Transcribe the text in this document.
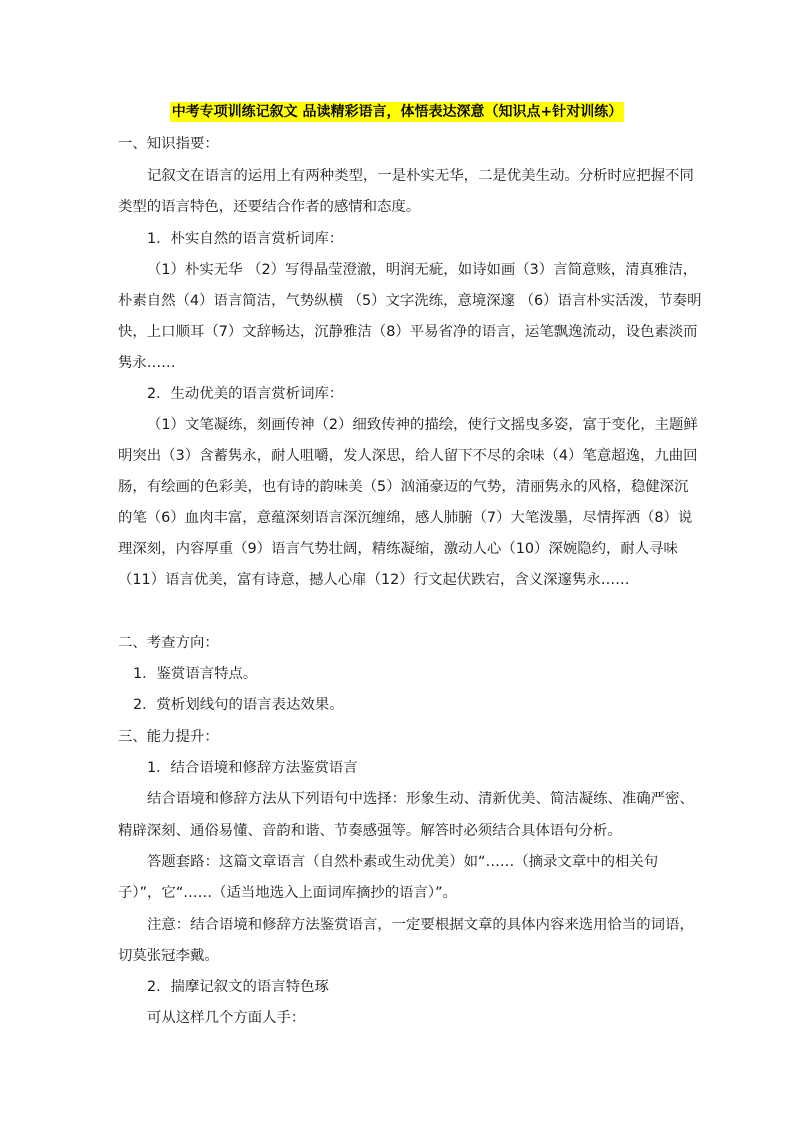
中考专项训练记叙文 品读精彩语言，体悟表达深意（知识点+针对训练）
一、知识指要：
记叙文在语言的运用上有两种类型，一是朴实无华，二是优美生动。分析时应把握不同
类型的语言特色，还要结合作者的感情和态度。
1．朴实自然的语言赏析词库：
（1）朴实无华 （2）写得晶莹澄澈，明润无疵，如诗如画（3）言简意赅，清真雅洁，
朴素自然（4）语言简洁，气势纵横 （5）文字洗练，意境深邃 （6）语言朴实活泼，节奏明
快，上口顺耳（7）文辞畅达，沉静雅洁（8）平易省净的语言，运笔飘逸流动，设色素淡而
隽永……
2．生动优美的语言赏析词库：
（1）文笔凝练，刻画传神（2）细致传神的描绘，使行文摇曳多姿，富于变化，主题鲜
明突出（3）含蓄隽永，耐人咀嚼，发人深思，给人留下不尽的余味（4）笔意超逸，九曲回
肠，有绘画的色彩美，也有诗的韵味美（5）汹涌豪迈的气势，清丽隽永的风格，稳健深沉
的笔（6）血肉丰富，意蕴深刻语言深沉缠绵，感人肺腑（7）大笔泼墨，尽情挥洒（8）说
理深刻，内容厚重（9）语言气势壮阔，精练凝缩，激动人心（10）深婉隐约，耐人寻味
（11）语言优美，富有诗意，撼人心扉（12）行文起伏跌宕，含义深邃隽永……
二、考查方向：
1．鉴赏语言特点。
2．赏析划线句的语言表达效果。
三、能力提升：
1．结合语境和修辞方法鉴赏语言
结合语境和修辞方法从下列语句中选择：形象生动、清新优美、简洁凝练、准确严密、
精辟深刻、通俗易懂、音韵和谐、节奏感强等。解答时必须结合具体语句分析。
答题套路：这篇文章语言（自然朴素或生动优美）如“……（摘录文章中的相关句
子）”，它“……（适当地选入上面词库摘抄的语言）”。
注意：结合语境和修辞方法鉴赏语言，一定要根据文章的具体内容来选用恰当的词语，
切莫张冠李戴。
2．揣摩记叙文的语言特色琢
可从这样几个方面人手：
